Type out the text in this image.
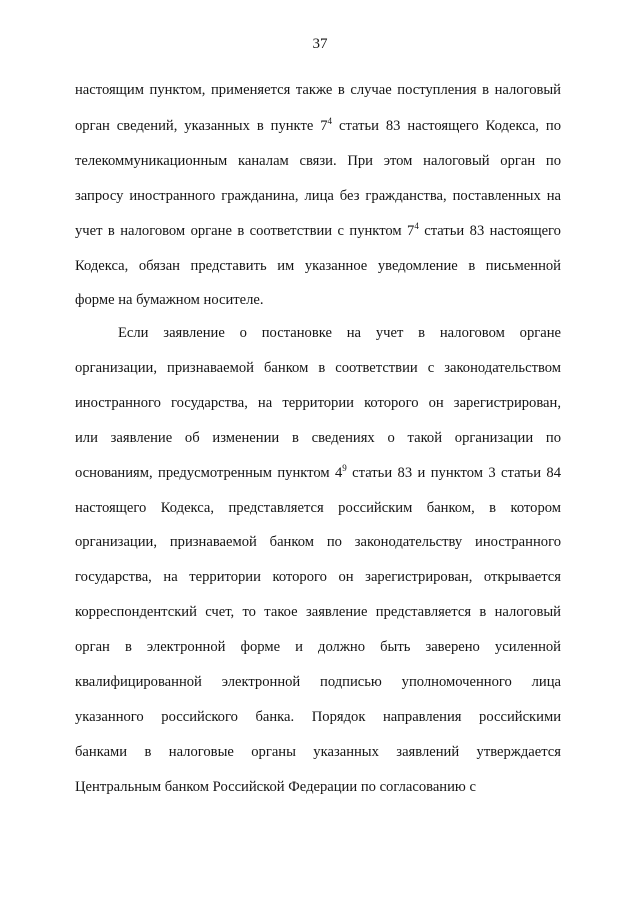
37
настоящим пунктом, применяется также в случае поступления в налоговый
орган сведений, указанных в пункте $7^4$ статьи 83 настоящего Кодекса, по
телекоммуникационным каналам связи. При этом налоговый орган по
запросу иностранного гражданина, лица без гражданства, поставленных на
учет в налоговом органе в соответствии с пунктом $7^4$ статьи 83 настоящего
Кодекса, обязан представить им указанное уведомление в письменной
форме на бумажном носителе.
Если заявление о постановке на учет в налоговом органе
организации, признаваемой банком в соответствии с законодательством
иностранного государства, на территории которого он зарегистрирован,
или заявление об изменении в сведениях о такой организации по
основаниям, предусмотренным пунктом $4^9$ статьи 83 и пунктом 3 статьи 84
настоящего Кодекса, представляется российским банком, в котором
организации, признаваемой банком по законодательству иностранного
государства, на территории которого он зарегистрирован, открывается
корреспондентский счет, то такое заявление представляется в налоговый
орган в электронной форме и должно быть заверено усиленной
квалифицированной электронной подписью уполномоченного лица
указанного российского банка. Порядок направления российскими
банками в налоговые органы указанных заявлений утверждается
Центральным банком Российской Федерации по согласованию с
